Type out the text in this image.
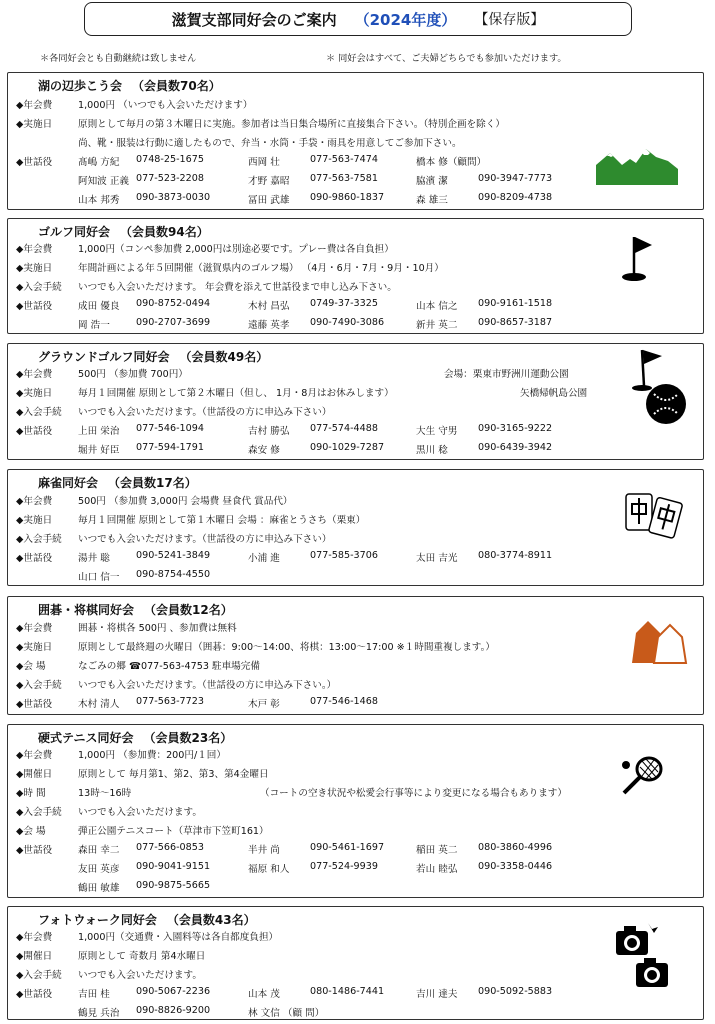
滋賀支部同好会のご案内 （2024年度） 【保存版】
＊各同好会とも自動継続は致しません	＊ 同好会はすべて、ご夫婦どちらでも参加いただけます。
湖の辺歩こう会 （会員数70名）
◆年会費	1,000円 （いつでも入会いただけます）
◆実施日	原則として毎月の第３木曜日に実施。参加者は当日集合場所に直接集合下さい。（特別企画を除く）
尚、靴・服装は行動に適したもので、弁当・水筒・手袋・雨具を用意してご参加下さい。
◆世話役	髙嶋 方紀 0748-25-1675	西岡 壮	077-563-7474	橋本 修（顧問）
阿知波 正義 077-523-2208	才野 嘉昭 077-563-7581	脇濱 潔	090-3947-7773
山本 邦秀 090-3873-0030	冨田 武雄 090-9860-1837	森 雄三	090-8209-4738
ゴルフ同好会 （会員数94名）
◆年会費	1,000円（コンペ参加費 2,000円は別途必要です。プレー費は各自負担）
◆実施日	年間計画による年５回開催（滋賀県内のゴルフ場） （4月・6月・7月・9月・10月）
◆入会手続 いつでも入会いただけます。 年会費を添えて世話役まで申し込み下さい。
◆世話役	成田 優良 090-8752-0494	木村 昌弘 0749-37-3325	山本 信之 090-9161-1518
岡 浩一	090-2707-3699	遠藤 英孝 090-7490-3086	新井 英二 090-8657-3187
グラウンドゴルフ同好会 （会員数49名）
◆年会費	500円 （参加費 700円）	会場：栗東市野洲川運動公園
◆実施日	毎月１回開催 原則として第２木曜日（但し、 1月・8月はお休みします）	矢橋帰帆島公園
◆入会手続 いつでも入会いただけます。（世話役の方に申込み下さい）
◆世話役	上田 栄治 077-546-1094	吉村 勝弘 077-574-4488	大生 守男 090-3165-9222
堀井 好臣 077-594-1791	森安 修	090-1029-7287	黒川 稔	090-6439-3942
麻雀同好会 （会員数17名）
◆年会費	500円 （参加費 3,000円 会場費 昼食代 賞品代）
◆実施日	毎月１回開催 原則として第１木曜日 会場 ：麻雀とうさち（栗東）
◆入会手続 いつでも入会いただけます。（世話役の方に申込み下さい）
◆世話役	湯井 聡	090-5241-3849	小浦 進	077-585-3706	太田 吉光 080-3774-8911
山口 信一 090-8754-4550
囲碁・将棋同好会 （会員数12名）
◆年会費	囲碁・将棋各 500円 、参加費は無料
◆実施日	原則として最終週の火曜日（囲碁：9:00～14:00、将棋：13:00～17:00 ※１時間重複します。）
◆会 場	なごみの郷 ☎077-563-4753 駐車場完備
◆入会手続 いつでも入会いただけます。（世話役の方に申込み下さい。）
◆世話役	木村 清人 077-563-7723	木戸 彰	077-546-1468
硬式テニス同好会 （会員数23名）
◆年会費	1,000円 （参加費：200円/１回）
◆開催日	原則として 毎月第1、第2、第3、第4金曜日
◆時 間	13時～16時	（コートの空き状況や松愛会行事等により変更になる場合もあります）
◆入会手続 いつでも入会いただけます。
◆会 場	弾正公園テニスコート（草津市下笠町161）
◆世話役	森田 幸二 077-566-0853	半井 尚	090-5461-1697	稲田 英二 080-3860-4996
友田 英彦 090-9041-9151	福原 和人 077-524-9939	若山 睦弘 090-3358-0446
鶴田 敏雄 090-9875-5665
フォトウォーク同好会 （会員数43名）
◆年会費	1,000円（交通費・入園料等は各自都度負担）
◆開催日	原則として 奇数月 第4水曜日
◆入会手続 いつでも入会いただけます。
◆世話役	吉田 桂	090-5067-2236	山本 茂	080-1486-7441	吉川 達夫 090-5092-5883
鶴見 兵治 090-8826-9200	林 文信 （顧 問）
